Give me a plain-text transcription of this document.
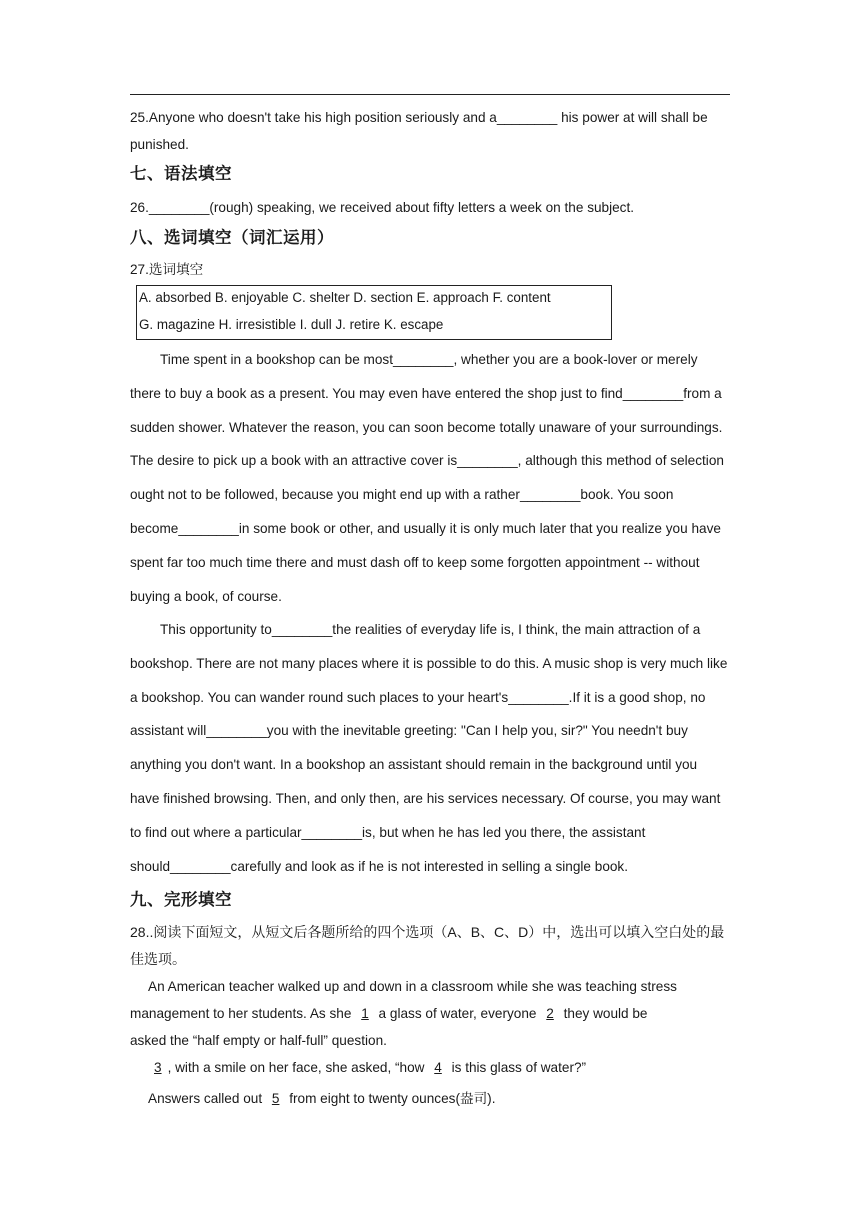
25.Anyone who doesn't take his high position seriously and a________ his power at will shall be punished.
七、语法填空
26.________(rough) speaking, we received about fifty letters a week on the subject.
八、选词填空（词汇运用）
27.选词填空
A. absorbed B. enjoyable C. shelter D. section E. approach F. content
G. magazine H. irresistible I. dull J. retire K. escape
Time spent in a bookshop can be most________, whether you are a book-lover or merely there to buy a book as a present. You may even have entered the shop just to find________from a sudden shower. Whatever the reason, you can soon become totally unaware of your surroundings. The desire to pick up a book with an attractive cover is________, although this method of selection ought not to be followed, because you might end up with a rather________book. You soon become________in some book or other, and usually it is only much later that you realize you have spent far too much time there and must dash off to keep some forgotten appointment -- without buying a book, of course.
This opportunity to________the realities of everyday life is, I think, the main attraction of a bookshop. There are not many places where it is possible to do this. A music shop is very much like a bookshop. You can wander round such places to your heart's________.If it is a good shop, no assistant will________you with the inevitable greeting: "Can I help you, sir?" You needn't buy anything you don't want. In a bookshop an assistant should remain in the background until you have finished browsing. Then, and only then, are his services necessary. Of course, you may want to find out where a particular________is, but when he has led you there, the assistant should________carefully and look as if he is not interested in selling a single book.
九、完形填空
28..阅读下面短文，从短文后各题所给的四个选项（A、B、C、D）中，选出可以填入空白处的最佳选项。
An American teacher walked up and down in a classroom while she was teaching stress
management to her students. As she 1 a glass of water, everyone 2 they would be
asked the “half empty or half-full” question.
3 , with a smile on her face, she asked, “how 4 is this glass of water?”
Answers called out 5 from eight to twenty ounces(盎司).
